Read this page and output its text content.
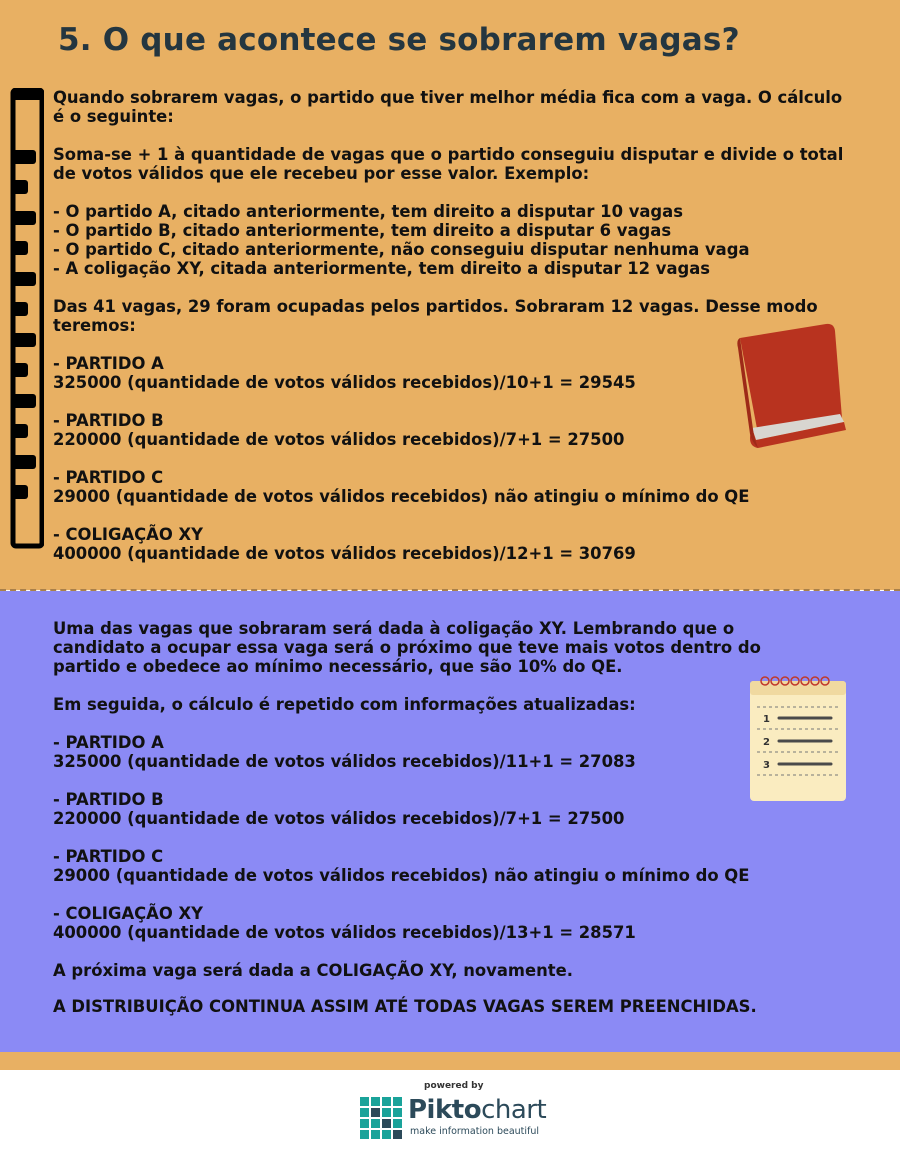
5. O que acontece se sobrarem vagas?

Quando sobrarem vagas, o partido que tiver melhor média fica com a vaga. O cálculo é o seguinte:

Soma-se + 1 à quantidade de vagas que o partido conseguiu disputar e divide o total de votos válidos que ele recebeu por esse valor. Exemplo:

- O partido A, citado anteriormente, tem direito a disputar 10 vagas

- O partido B, citado anteriormente, tem direito a disputar 6 vagas

- O partido C, citado anteriormente, não conseguiu disputar nenhuma vaga

- A coligação XY, citada anteriormente, tem direito a disputar 12 vagas

Das 41 vagas, 29 foram ocupadas pelos partidos. Sobraram 12 vagas. Desse modo teremos:

- PARTIDO A

325000 (quantidade de votos válidos recebidos)/10+1 = 29545

- PARTIDO B

220000 (quantidade de votos válidos recebidos)/7+1 = 27500

- PARTIDO C

29000 (quantidade de votos válidos recebidos) não atingiu o mínimo do QE

- COLIGAÇÃO XY

400000 (quantidade de votos válidos recebidos)/12+1 = 30769

Uma das vagas que sobraram será dada à coligação XY. Lembrando que o candidato a ocupar essa vaga será o próximo que teve mais votos dentro do partido e obedece ao mínimo necessário, que são 10% do QE.

Em seguida, o cálculo é repetido com informações atualizadas:

- PARTIDO A

325000 (quantidade de votos válidos recebidos)/11+1 = 27083

- PARTIDO B

220000 (quantidade de votos válidos recebidos)/7+1 = 27500

- PARTIDO C

29000 (quantidade de votos válidos recebidos) não atingiu o mínimo do QE

- COLIGAÇÃO XY

400000 (quantidade de votos válidos recebidos)/13+1 = 28571

A próxima vaga será dada a COLIGAÇÃO XY, novamente.

A DISTRIBUIÇÃO CONTINUA ASSIM ATÉ TODAS VAGAS SEREM PREENCHIDAS.

1
2
3
powered by
Piktochart
make information beautiful
